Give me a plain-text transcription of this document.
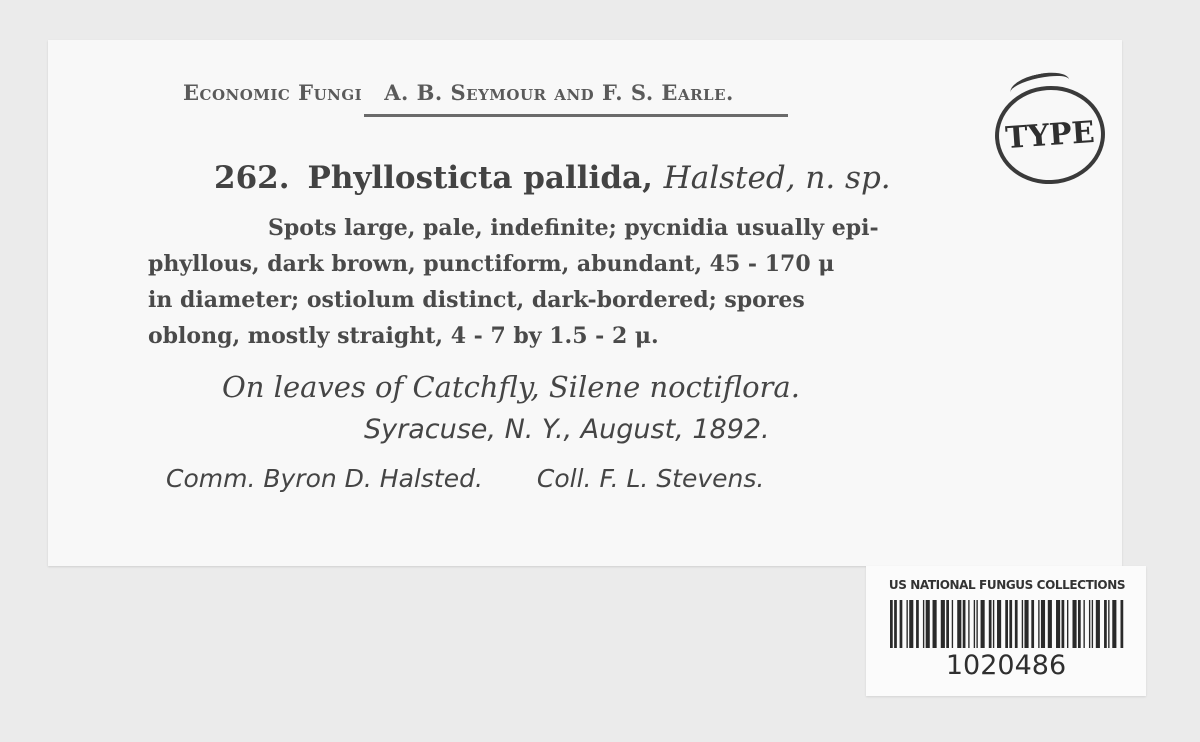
Economic Fungi A. B. Seymour and F. S. Earle.
TYPE
262. Phyllosticta pallida, Halsted, n. sp.
Spots large, pale, indefinite; pycnidia usually epi-
phyllous, dark brown, punctiform, abundant, 45 - 170 μ
in diameter; ostiolum distinct, dark-bordered; spores
oblong, mostly straight, 4 - 7 by 1.5 - 2 μ.
On leaves of Catchfly, Silene noctiflora.
Syracuse, N. Y., August, 1892.
Comm. Byron D. Halsted. Coll. F. L. Stevens.
US NATIONAL FUNGUS COLLECTIONS
1020486
